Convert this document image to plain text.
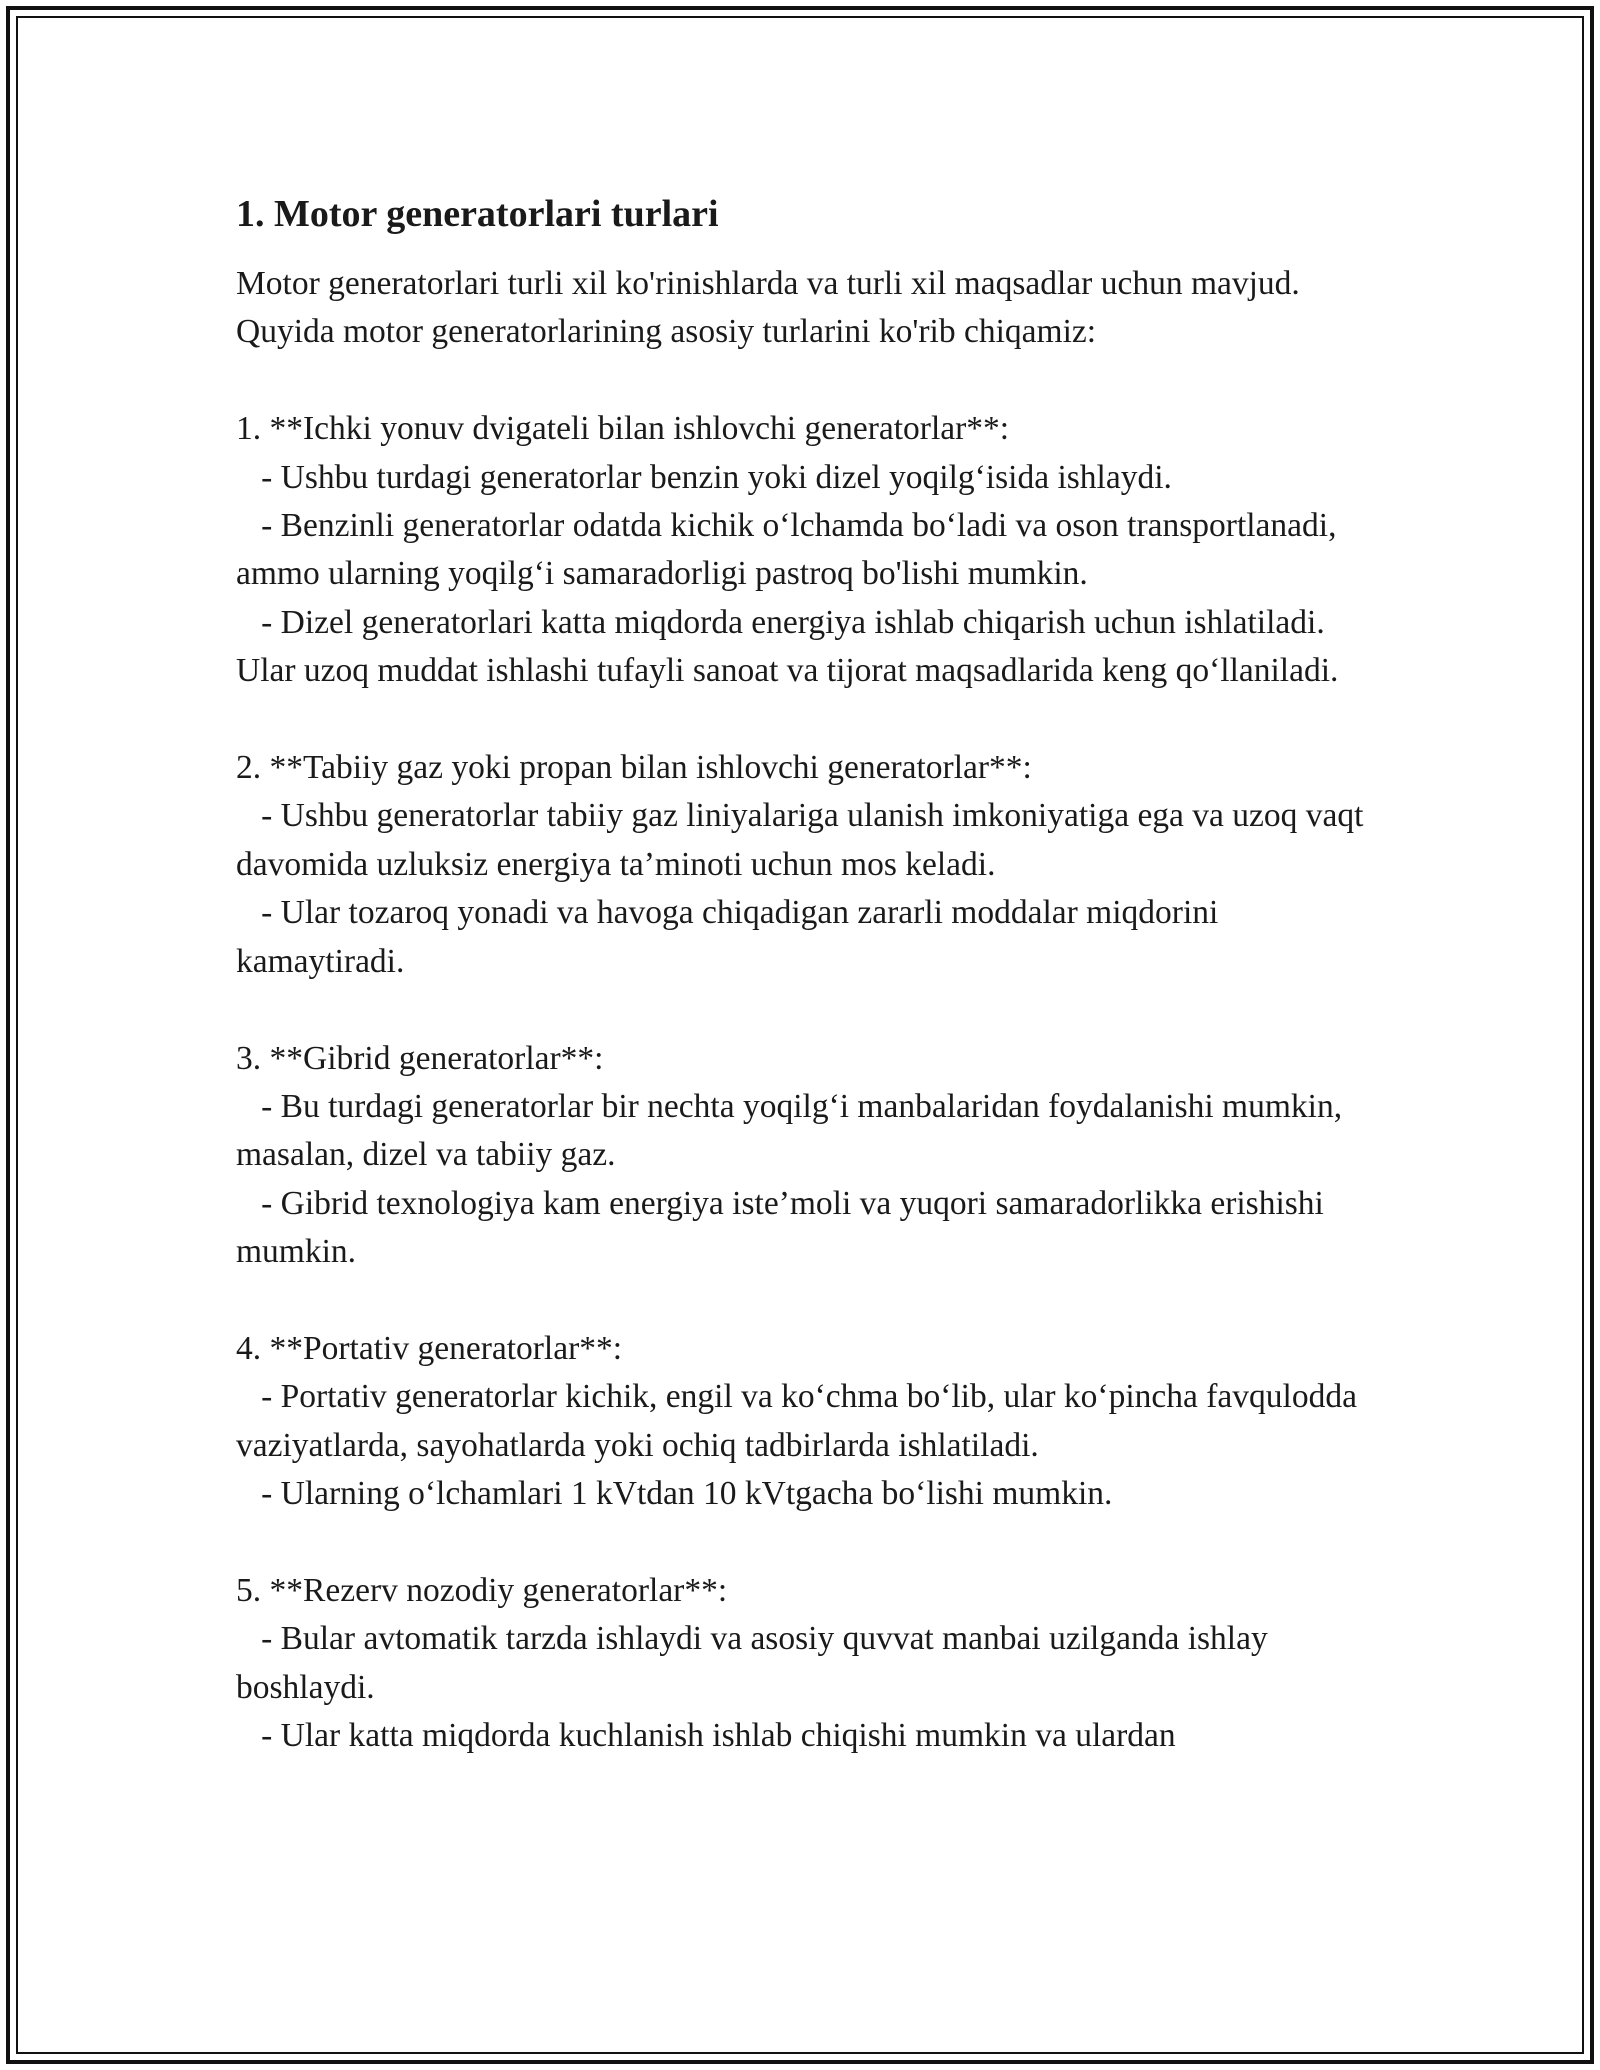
1. Motor generatorlari turlari

Motor generatorlari turli xil ko'rinishlarda va turli xil maqsadlar uchun mavjud. Quyida motor generatorlarining asosiy turlarini ko'rib chiqamiz:

1. **Ichki yonuv dvigateli bilan ishlovchi generatorlar**:
- Ushbu turdagi generatorlar benzin yoki dizel yoqilg‘isida ishlaydi.
- Benzinli generatorlar odatda kichik o‘lchamda bo‘ladi va oson transportlanadi, ammo ularning yoqilg‘i samaradorligi pastroq bo'lishi mumkin.
- Dizel generatorlari katta miqdorda energiya ishlab chiqarish uchun ishlatiladi. Ular uzoq muddat ishlashi tufayli sanoat va tijorat maqsadlarida keng qo‘llaniladi.

2. **Tabiiy gaz yoki propan bilan ishlovchi generatorlar**:
- Ushbu generatorlar tabiiy gaz liniyalariga ulanish imkoniyatiga ega va uzoq vaqt davomida uzluksiz energiya ta’minoti uchun mos keladi.
- Ular tozaroq yonadi va havoga chiqadigan zararli moddalar miqdorini kamaytiradi.

3. **Gibrid generatorlar**:
- Bu turdagi generatorlar bir nechta yoqilg‘i manbalaridan foydalanishi mumkin, masalan, dizel va tabiiy gaz.
- Gibrid texnologiya kam energiya iste’moli va yuqori samaradorlikka erishishi mumkin.

4. **Portativ generatorlar**:
- Portativ generatorlar kichik, engil va ko‘chma bo‘lib, ular ko‘pincha favqulodda vaziyatlarda, sayohatlarda yoki ochiq tadbirlarda ishlatiladi.
- Ularning o‘lchamlari 1 kVtdan 10 kVtgacha bo‘lishi mumkin.

5. **Rezerv nozodiy generatorlar**:
- Bular avtomatik tarzda ishlaydi va asosiy quvvat manbai uzilganda ishlay boshlaydi.
- Ular katta miqdorda kuchlanish ishlab chiqishi mumkin va ulardan
